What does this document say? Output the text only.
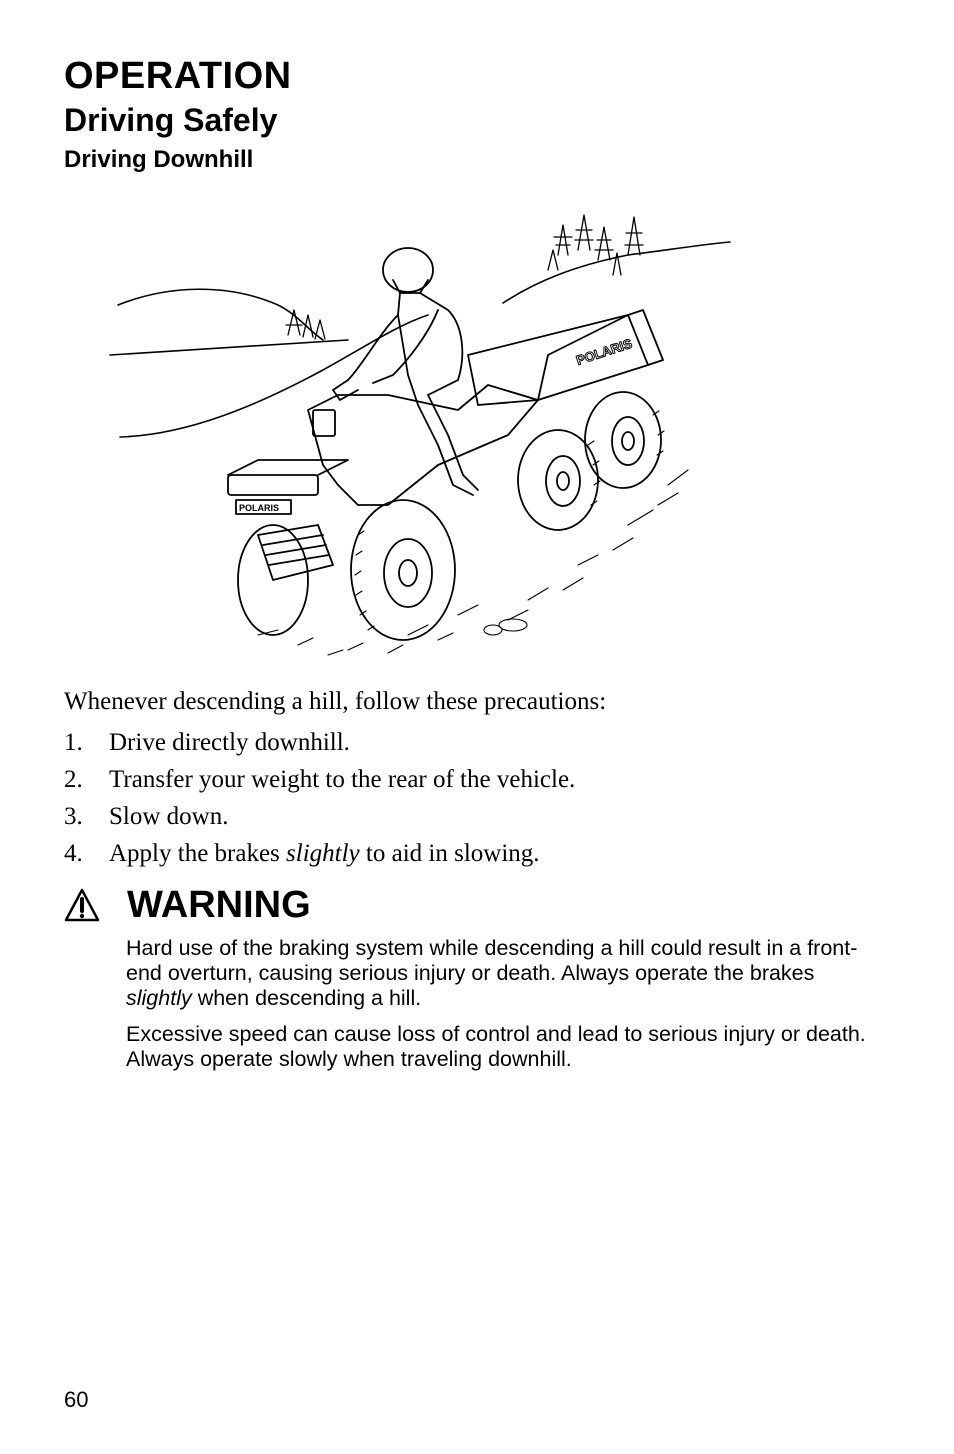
OPERATION
Driving Safely
Driving Downhill
POLARIS
POLARIS
Whenever descending a hill, follow these precautions:
1. Drive directly downhill.
2. Transfer your weight to the rear of the vehicle.
3. Slow down.
4. Apply the brakes slightly to aid in slowing.
WARNING

Hard use of the braking system while descending a hill could result in a front-end overturn, causing serious injury or death. Always operate the brakes slightly when descending a hill.

Excessive speed can cause loss of control and lead to serious injury or death. Always operate slowly when traveling downhill.

60
